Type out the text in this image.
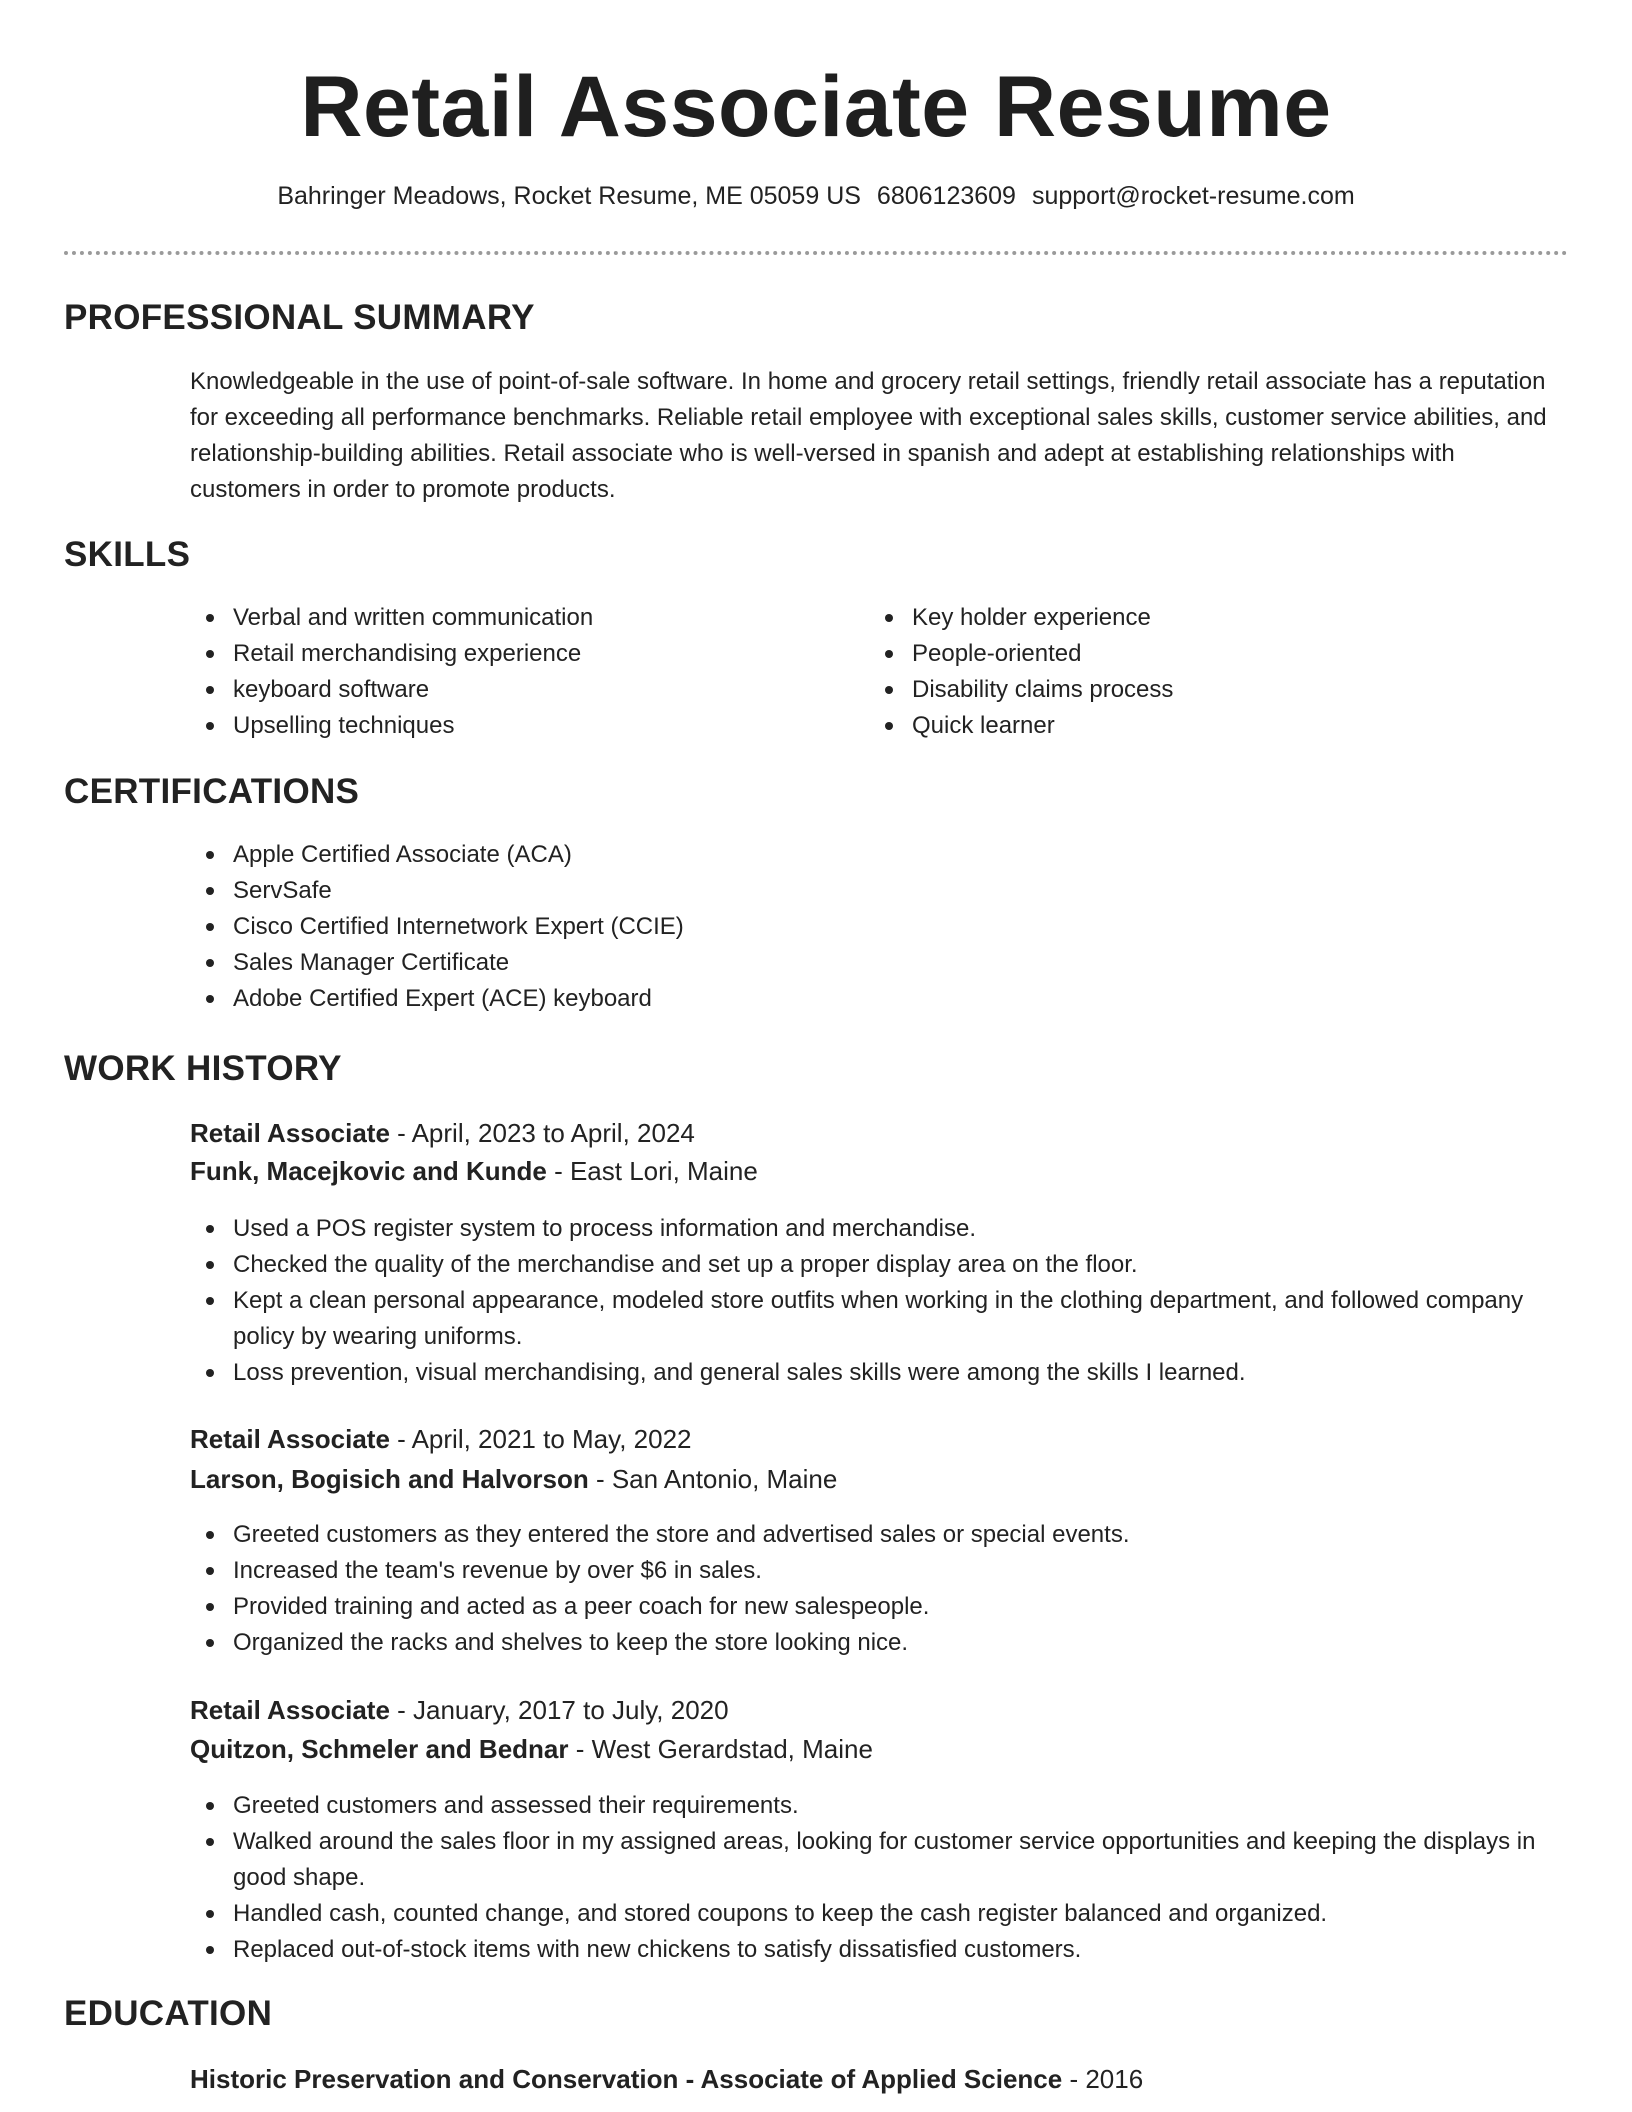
Retail Associate Resume
Bahringer Meadows, Rocket Resume, ME 05059 US 6806123609 support@rocket-resume.com
PROFESSIONAL SUMMARY
Knowledgeable in the use of point-of-sale software. In home and grocery retail settings, friendly retail associate has a reputation for exceeding all performance benchmarks. Reliable retail employee with exceptional sales skills, customer service abilities, and relationship-building abilities. Retail associate who is well-versed in spanish and adept at establishing relationships with customers in order to promote products.
SKILLS
Verbal and written communication
Retail merchandising experience
keyboard software
Upselling techniques
Key holder experience
People-oriented
Disability claims process
Quick learner
CERTIFICATIONS
Apple Certified Associate (ACA)
ServSafe
Cisco Certified Internetwork Expert (CCIE)
Sales Manager Certificate
Adobe Certified Expert (ACE) keyboard
WORK HISTORY
Retail Associate - April, 2023 to April, 2024
Funk, Macejkovic and Kunde - East Lori, Maine
Used a POS register system to process information and merchandise.
Checked the quality of the merchandise and set up a proper display area on the floor.
Kept a clean personal appearance, modeled store outfits when working in the clothing department, and followed company policy by wearing uniforms.
Loss prevention, visual merchandising, and general sales skills were among the skills I learned.
Retail Associate - April, 2021 to May, 2022
Larson, Bogisich and Halvorson - San Antonio, Maine
Greeted customers as they entered the store and advertised sales or special events.
Increased the team's revenue by over $6 in sales.
Provided training and acted as a peer coach for new salespeople.
Organized the racks and shelves to keep the store looking nice.
Retail Associate - January, 2017 to July, 2020
Quitzon, Schmeler and Bednar - West Gerardstad, Maine
Greeted customers and assessed their requirements.
Walked around the sales floor in my assigned areas, looking for customer service opportunities and keeping the displays in good shape.
Handled cash, counted change, and stored coupons to keep the cash register balanced and organized.
Replaced out-of-stock items with new chickens to satisfy dissatisfied customers.
EDUCATION
Historic Preservation and Conservation - Associate of Applied Science - 2016
